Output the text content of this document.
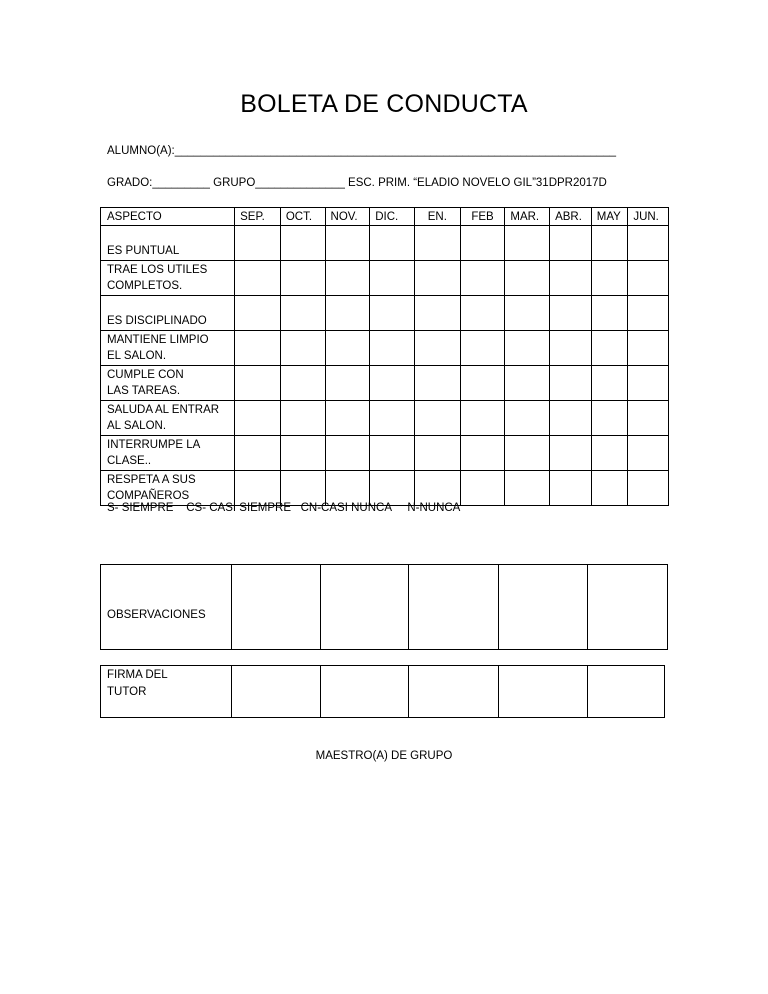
BOLETA DE CONDUCTA
ALUMNO(A):_____________________________________________________________________
GRADO:_________ GRUPO______________ ESC. PRIM. “ELADIO NOVELO GIL”31DPR2017D
ASPECTO	SEP.	OCT.	NOV.	DIC.	EN.	FEB	MAR.	ABR.	MAY	JUN.

ES PUNTUAL										

TRAE LOS UTILES
COMPLETOS.										

ES DISCIPLINADO										

MANTIENE LIMPIO
EL SALON.										

CUMPLE CON
LAS TAREAS.										

SALUDA AL ENTRAR
AL SALON.										

INTERRUMPE LA
CLASE..										

RESPETA A SUS
COMPAÑEROS										

S- SIEMPRE    CS- CASI SIEMPRE   CN-CASI NUNCA     N-NUNCA
OBSERVACIONES					
FIRMA DEL
TUTOR

MAESTRO(A) DE GRUPO
